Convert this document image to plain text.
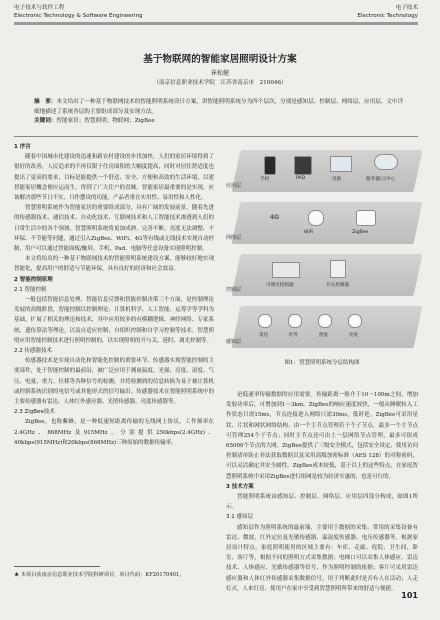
电子技术与软件工程
Electronic Technology & Software Engineering
电子技术
Electronic Technology
基于物联网的智能家居照明设计方案
崔松健
（南京信息职业技术学院　江苏省南京市　210046）
摘　要：本文给出了一种基于物联网技术的智能照明系统设计方案，讲智能照明系统分为四个层次，分别是感知层、控制层、网络层、应用层，文中详细地描述了系统各层的主要组成部分及实现方法。
关键词：智能家居；智慧照明；物联网；ZigBee

1 序言

随着中国城市化建设的迅速和新农村建设的步伐加快，人们的家居环境得到了很好的改善，人民追求的不再仅限于住房面积的大幅度提高，同时对居住舒适度也提出了更高的要求，目标是能提供一个舒适、安全、方便和高效的生活环境，以建智能家居概念便应运而生，得到了广大住户的青睐。智能家居最重要的是实现，应该解决那些节日不实、只作摆设的功能，产品者重在实用性、易用性和人性化。

智慧照明系统作为智能家居的重要组成部分，具有广阔的发展前景。随着先进的传感器技术、通信技术、自动化技术、互联网技术和人工智能技术渗透到人们的日常生活中的各个领域。智慧照明系统将更加成熟，完善不断，亮度无法调整、不环保、不节能等问题，通过引入ZigBee、WiFi、4G等有线或无线技术实现自动控制，用户可以通过智能面板/触屏、手机、Pad、电脑等任意设备实现照明控制。

本文将给出的一种基于物联网技术的智能照明系统建设方案，能够较好地实现智能化，提高用户的舒适与节能环保，具有良好的经济和社会效益。

2 智能控制原理

2.1 智能控制

一般包括智能信息处理、智能信息反馈和智能控制决策三个方面，是控制理论发展的高级阶段，智能控制以控制理论、计算机科学、人工智能、运筹学等学科为基础，扩展了相关的理论和技术，其中应用较多的有模糊逻辑、神经网络、专家系统、遗传算法等理论，以及自适应控制、自组织控制和自学习控制等技术。智慧照明应用智能控制技术进行照明控制的，以实现照明的开与关、延时、调光控制等。

2.2 传感器技术

传感器技术是实现自动化和智能化控制的重要环节。传感器实现智能控制的主要部件，处于智能控制的最前沿，被广泛应用于测量温度、光强、亮度、湿度、气压、电量、重力、位移等各种信号的检测，并将检测到的信息转换为易于被计算机或控制系统识别的电信号或其他形式的信号输出。传感器技术在智能照明系统中的主要传感器有雷达、人体红外感应器、光照传感器、亮度传感器等。

2.3 ZigBee技术

ZigBee，也称紫蜂，是一种低速短距离传输的无线网上协议，工作频率在2.4GHz、868MHz及915MHz，分别提供250kbps(2.4GHz)、40kbps(915MHz)和20kbps(868MHz)三种原始的数据传输率。

应用层
网络层
控制层
感知层
手机	PAD	电脑	服务器/云中心
4G
WiFi	ZigBee
可调光控制器	开关控制器
雷达	红外	照度	亮度
图1：智慧照明系统分层结构图

是低速率传输数据的应用需要。传输距离一般介于10～100m之间，增加发射功率后，可增加到1～3km。ZigBee的响应速度较快，一般从睡眠转入工作状态只需15ms，节点连接进入网络只需30ms，低时延。ZigBee可采用星状、片状和网状网络结构，由一个主节点管理若干个子节点，最多一个主节点可管理254个子节点；同时主节点还可由上一层网络节点管理，最多可组成65000个节点的大网。ZigBee提供了三级安全模式，包括安全设定、使用访问控制清单防止非法获取数据以及采用高级加密标准（AES 128）的对称密码，可以灵活确定其安全属性。ZigBee成本较低，基于以上的这些特点，在家庭智慧照明系统中采用ZigBee进行组网是较为经济实惠的，也是可行的。

3 技术方案

智能照明系统由感知层、控制层、网络层、应用层四部分构成，如图1所示。

3.1 感知层

感知层作为照明系统的最前端，主要用于数据的采集。常用的采集设备有雷达、微波、红外定位及光敏传感器、温湿度传感器、电压传感器等，根据家居设计特点，家庭照明使用的区域主要有：车库、走廊、庭院、卫生间、卧室、客厅等，根据不同的照明方式采集数据；电梯口可以采集人体感应、雷达技术、人体感应、光敏传感器等信号，作为照明控制的依据；客厅可采用雷达感应器和人体红外传感器采集数据信号，用于判断此时是否有人在活动；人走灯灭，人来灯亮，使用户在家中享受到智慧照明所带来的舒适与便捷。

★ 本项目获南京信息职业技术学院科研项目，项目代码：KF20170401。
101
